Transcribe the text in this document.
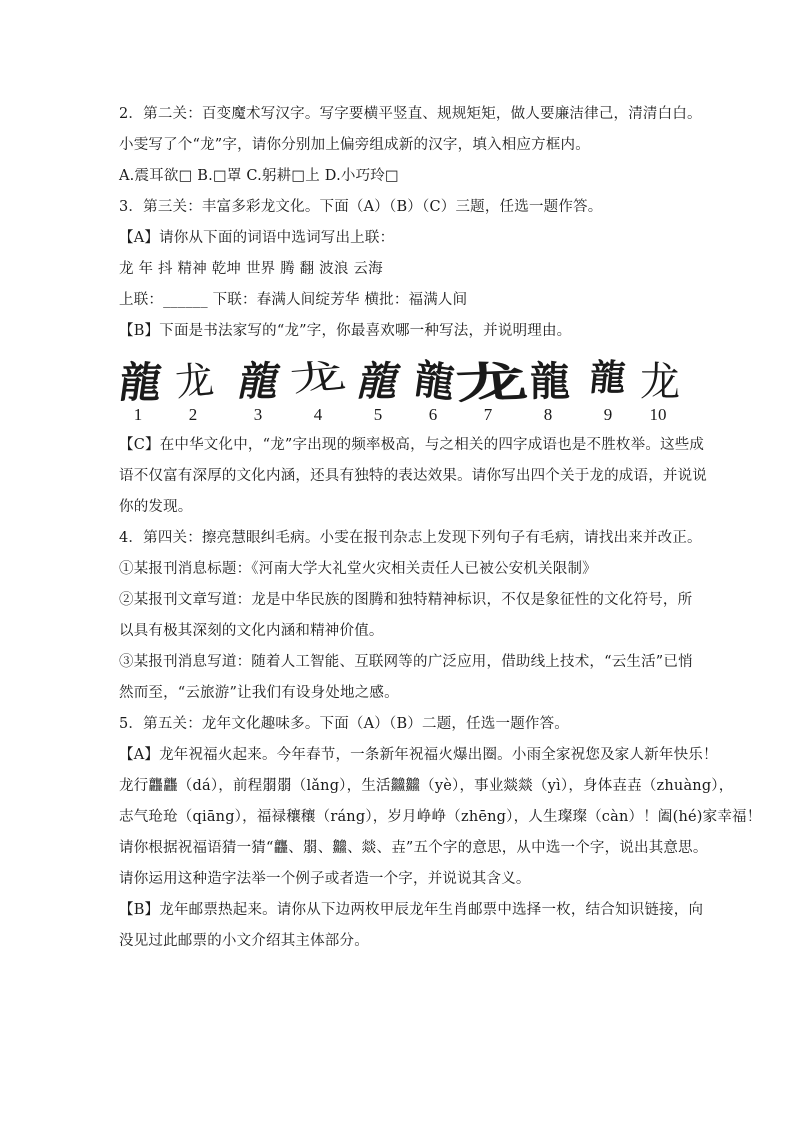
2．第二关：百变魔术写汉字。写字要横平竖直、规规矩矩，做人要廉洁律己，清清白白。
小雯写了个“龙”字，请你分别加上偏旁组成新的汉字，填入相应方框内。
A.震耳欲□ B.□罩 C.躬耕□上 D.小巧玲□
3．第三关：丰富多彩龙文化。下面（A）（B）（C）三题，任选一题作答。
【A】请你从下面的词语中选词写出上联：
龙 年 抖 精神 乾坤 世界 腾 翻 波浪 云海
上联：______ 下联：春满人间绽芳华 横批：福满人间
【B】下面是书法家写的“龙”字，你最喜欢哪一种写法，并说明理由。
【C】在中华文化中，“龙”字出现的频率极高，与之相关的四字成语也是不胜枚举。这些成
语不仅富有深厚的文化内涵，还具有独特的表达效果。请你写出四个关于龙的成语，并说说
你的发现。
4．第四关：擦亮慧眼纠毛病。小雯在报刊杂志上发现下列句子有毛病，请找出来并改正。
①某报刊消息标题：《河南大学大礼堂火灾相关责任人已被公安机关限制》
②某报刊文章写道：龙是中华民族的图腾和独特精神标识，不仅是象征性的文化符号，所
以具有极其深刻的文化内涵和精神价值。
③某报刊消息写道：随着人工智能、互联网等的广泛应用，借助线上技术，“云生活”已悄
然而至，“云旅游”让我们有设身处地之感。
5．第五关：龙年文化趣味多。下面（A）（B）二题，任选一题作答。
【A】龙年祝福火起来。今年春节，一条新年祝福火爆出圈。小雨全家祝您及家人新年快乐！
龙行龘龘（dá），前程朤朤（lǎng），生活䲜䲜（yè），事业燚燚（yì），身体壵壵（zhuàng），
志气玱玱（qiāng），福禄穰穰（ráng），岁月峥峥（zhēng），人生璨璨（càn）！阖(hé)家幸福！
请你根据祝福语猜一猜“龘、朤、䲜、燚、壵”五个字的意思，从中选一个字，说出其意思。
请你运用这种造字法举一个例子或者造一个字，并说说其含义。
【B】龙年邮票热起来。请你从下边两枚甲辰龙年生肖邮票中选择一枚，结合知识链接，向
没见过此邮票的小文介绍其主体部分。
龍 龙 龍 龙 龍 龍
龙 龍 龍 龙
1	2	3	4	5	6	7	8	9	10
